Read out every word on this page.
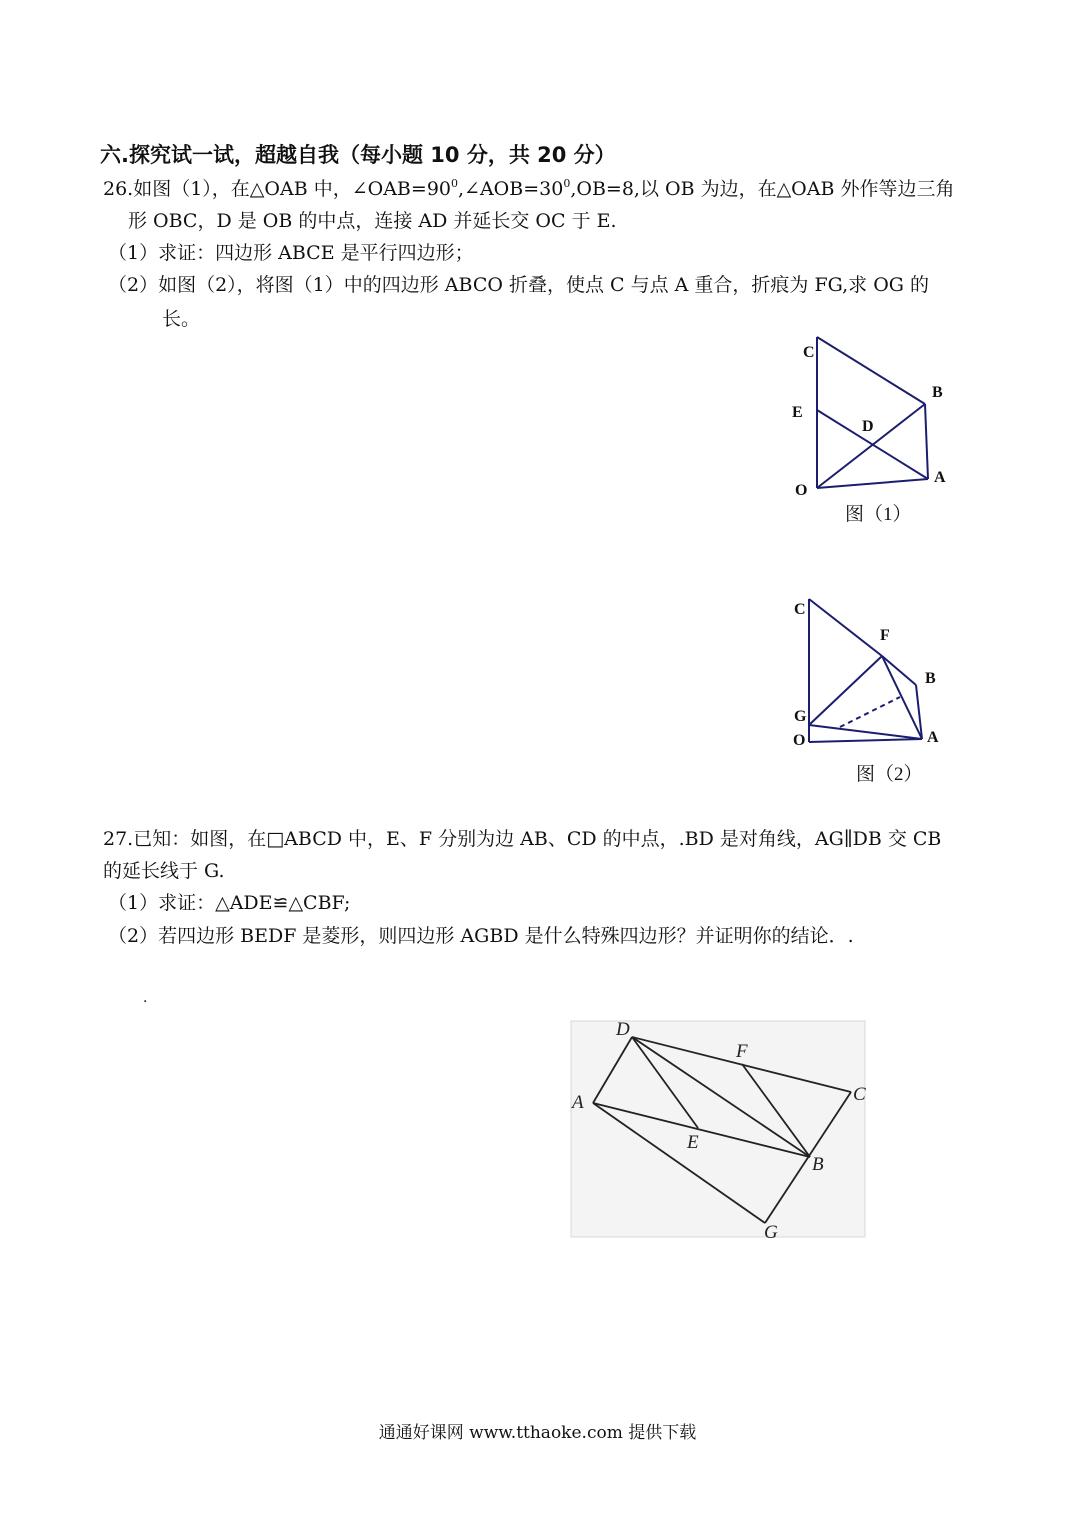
六.探究试一试，超越自我（每小题 10 分，共 20 分）
26.如图（1），在△OAB 中，$\angle OAB=90^0,\angle AOB=30^0,OB=8$,以 OB 为边，在△OAB 外作等边三角
形 OBC，D 是 OB 的中点，连接 AD 并延长交 OC 于 E.
（1）求证：四边形 ABCE 是平行四边形；
（2）如图（2），将图（1）中的四边形 ABCO 折叠，使点 C 与点 A 重合，折痕为 FG,求 OG 的
长。
C
E
D
B
O
A
图（1）
C
F
B
G
O	A
图（2）
27.已知：如图，在□ABCD 中，E、F 分别为边 AB、CD 的中点，.BD 是对角线，AG∥DB 交 CB
的延长线于 G.
（1）求证：△ADE≌△CBF;
（2）若四边形 BEDF 是菱形，则四边形 AGBD 是什么特殊四边形？并证明你的结论．.
.
D
F
C
A
E
B
G
通通好课网 www.tthaoke.com 提供下载
